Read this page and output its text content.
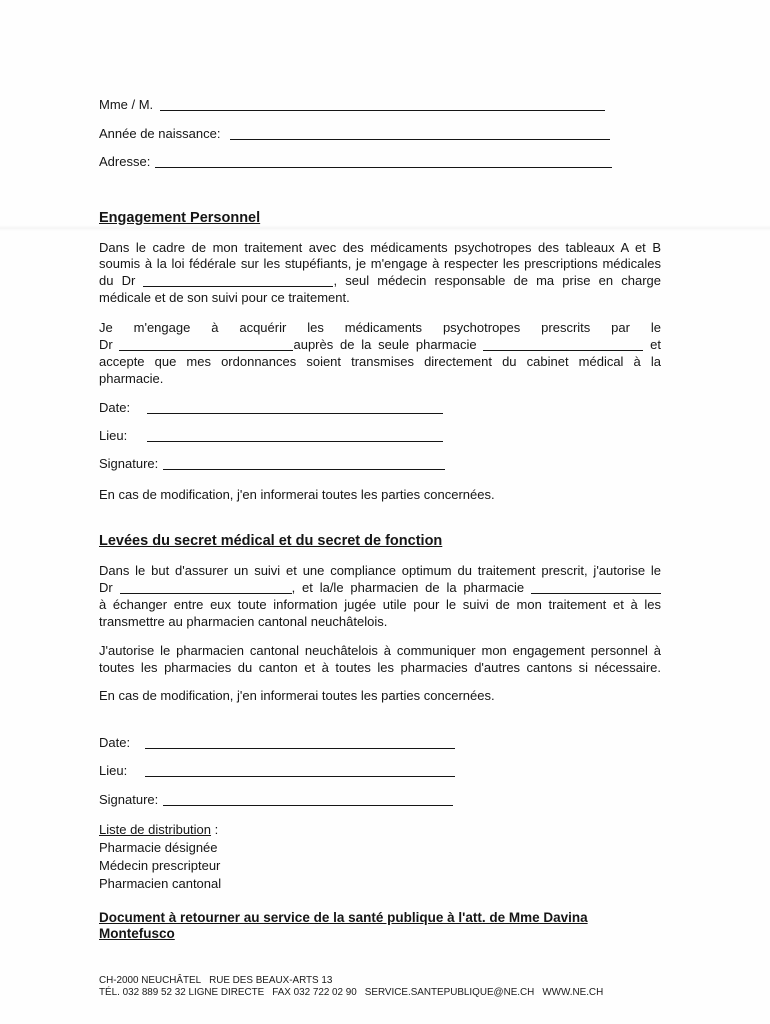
Mme / M.
Année de naissance:
Adresse:
Engagement Personnel
Dans le cadre de mon traitement avec des médicaments psychotropes des tableaux A et B
soumis à la loi fédérale sur les stupéfiants, je m'engage à respecter les prescriptions médicales
du Dr	, seul médecin responsable de ma prise en charge
médicale et de son suivi pour ce traitement.
Je m'engage à acquérir les médicaments psychotropes prescrits par le
Dr	auprès de la seule pharmacie	et
accepte que mes ordonnances soient transmises directement du cabinet médical à la
pharmacie.
Date:
Lieu:
Signature:
En cas de modification, j'en informerai toutes les parties concernées.
Levées du secret médical et du secret de fonction
Dans le but d'assurer un suivi et une compliance optimum du traitement prescrit, j'autorise le
Dr	, et la/le pharmacien de la pharmacie
à échanger entre eux toute information jugée utile pour le suivi de mon traitement et à les
transmettre au pharmacien cantonal neuchâtelois.
J'autorise le pharmacien cantonal neuchâtelois à communiquer mon engagement personnel à
toutes les pharmacies du canton et à toutes les pharmacies d'autres cantons si nécessaire.
En cas de modification, j'en informerai toutes les parties concernées.
Date:
Lieu:
Signature:
Liste de distribution :
Pharmacie désignée
Médecin prescripteur
Pharmacien cantonal
Document à retourner au service de la santé publique à l'att. de Mme Davina Montefusco
CH-2000 NEUCHÂTEL RUE DES BEAUX-ARTS 13
TÉL. 032 889 52 32 LIGNE DIRECTE FAX 032 722 02 90 SERVICE.SANTEPUBLIQUE@NE.CH WWW.NE.CH
